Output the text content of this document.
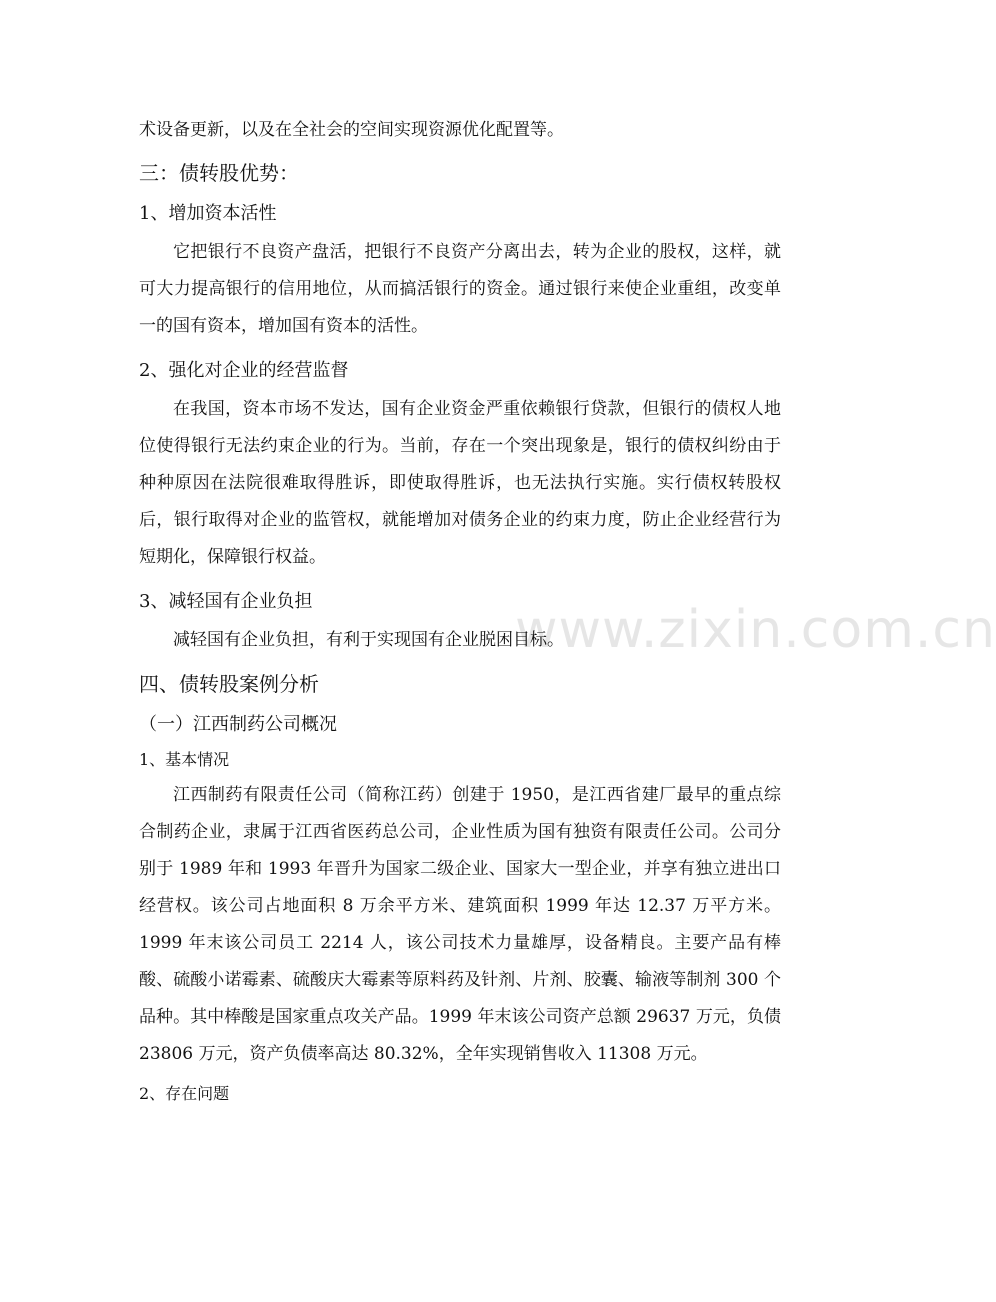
www.zixin.com.cn

术设备更新，以及在全社会的空间实现资源优化配置等。

三：债转股优势：
1、增加资本活性

它把银行不良资产盘活，把银行不良资产分离出去，转为企业的股权，这样，就可大力提高银行的信用地位，从而搞活银行的资金。通过银行来使企业重组，改变单一的国有资本，增加国有资本的活性。

2、强化对企业的经营监督

在我国，资本市场不发达，国有企业资金严重依赖银行贷款，但银行的债权人地位使得银行无法约束企业的行为。当前，存在一个突出现象是，银行的债权纠纷由于种种原因在法院很难取得胜诉，即使取得胜诉，也无法执行实施。实行债权转股权后，银行取得对企业的监管权，就能增加对债务企业的约束力度，防止企业经营行为短期化，保障银行权益。

3、减轻国有企业负担

减轻国有企业负担，有利于实现国有企业脱困目标。

四、债转股案例分析
（一）江西制药公司概况
1、基本情况

江西制药有限责任公司（简称江药）创建于 1950，是江西省建厂最早的重点综合制药企业，隶属于江西省医药总公司，企业性质为国有独资有限责任公司。公司分别于 1989 年和 1993 年晋升为国家二级企业、国家大一型企业，并享有独立进出口经营权。该公司占地面积 8 万余平方米、建筑面积 1999 年达 12.37 万平方米。1999 年末该公司员工 2214 人，该公司技术力量雄厚，设备精良。主要产品有棒酸、硫酸小诺霉素、硫酸庆大霉素等原料药及针剂、片剂、胶囊、输液等制剂 300 个品种。其中棒酸是国家重点攻关产品。1999 年末该公司资产总额 29637 万元，负债 23806 万元，资产负债率高达 80.32%，全年实现销售收入 11308 万元。

2、存在问题
